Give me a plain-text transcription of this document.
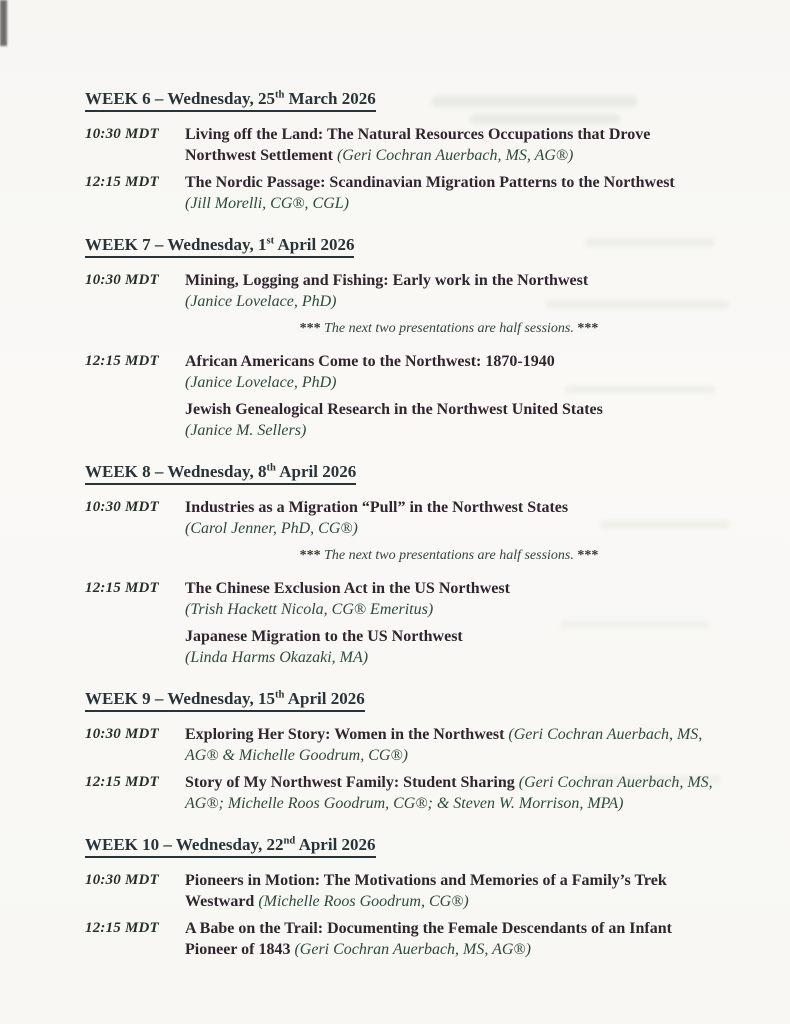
WEEK 6 – Wednesday, 25th March 2026
10:30 MDT	Living off the Land: The Natural Resources Occupations that Drove Northwest Settlement (Geri Cochran Auerbach, MS, AG®)
12:15 MDT	The Nordic Passage: Scandinavian Migration Patterns to the Northwest
(Jill Morelli, CG®, CGL)
WEEK 7 – Wednesday, 1st April 2026
10:30 MDT	Mining, Logging and Fishing: Early work in the Northwest
(Janice Lovelace, PhD)
*** The next two presentations are half sessions. ***
12:15 MDT	African Americans Come to the Northwest: 1870-1940
(Janice Lovelace, PhD)
Jewish Genealogical Research in the Northwest United States
(Janice M. Sellers)
WEEK 8 – Wednesday, 8th April 2026
10:30 MDT	Industries as a Migration “Pull” in the Northwest States
(Carol Jenner, PhD, CG®)
*** The next two presentations are half sessions. ***
12:15 MDT	The Chinese Exclusion Act in the US Northwest
(Trish Hackett Nicola, CG® Emeritus)
Japanese Migration to the US Northwest
(Linda Harms Okazaki, MA)
WEEK 9 – Wednesday, 15th April 2026
10:30 MDT	Exploring Her Story: Women in the Northwest (Geri Cochran Auerbach, MS, AG® & Michelle Goodrum, CG®)
12:15 MDT	Story of My Northwest Family: Student Sharing (Geri Cochran Auerbach, MS, AG®; Michelle Roos Goodrum, CG®; & Steven W. Morrison, MPA)
WEEK 10 – Wednesday, 22nd April 2026
10:30 MDT	Pioneers in Motion: The Motivations and Memories of a Family’s Trek Westward (Michelle Roos Goodrum, CG®)
12:15 MDT	A Babe on the Trail: Documenting the Female Descendants of an Infant Pioneer of 1843 (Geri Cochran Auerbach, MS, AG®)
